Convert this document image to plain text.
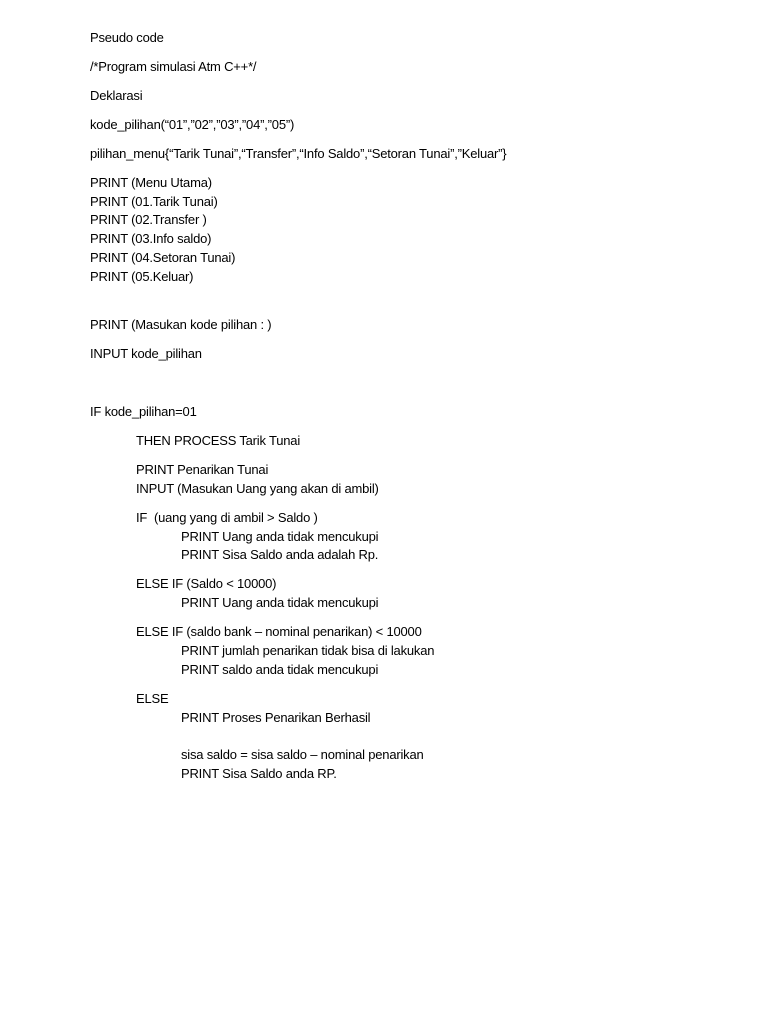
Pseudo code
/*Program simulasi Atm C++*/
Deklarasi
kode_pilihan(“01”,”02”,”03”,”04”,”05”)
pilihan_menu{“Tarik Tunai”,“Transfer”,“Info Saldo”,“Setoran Tunai”,”Keluar”}
PRINT (Menu Utama)
PRINT (01.Tarik Tunai)
PRINT (02.Transfer )
PRINT (03.Info saldo)
PRINT (04.Setoran Tunai)
PRINT (05.Keluar)
PRINT (Masukan kode pilihan : )
INPUT kode_pilihan
IF kode_pilihan=01
THEN PROCESS Tarik Tunai
PRINT Penarikan Tunai
INPUT (Masukan Uang yang akan di ambil)
IF  (uang yang di ambil > Saldo )
PRINT Uang anda tidak mencukupi
PRINT Sisa Saldo anda adalah Rp.
ELSE IF (Saldo < 10000)
PRINT Uang anda tidak mencukupi
ELSE IF (saldo bank – nominal penarikan) < 10000
PRINT jumlah penarikan tidak bisa di lakukan
PRINT saldo anda tidak mencukupi
ELSE
PRINT Proses Penarikan Berhasil
sisa saldo = sisa saldo – nominal penarikan
PRINT Sisa Saldo anda RP.
